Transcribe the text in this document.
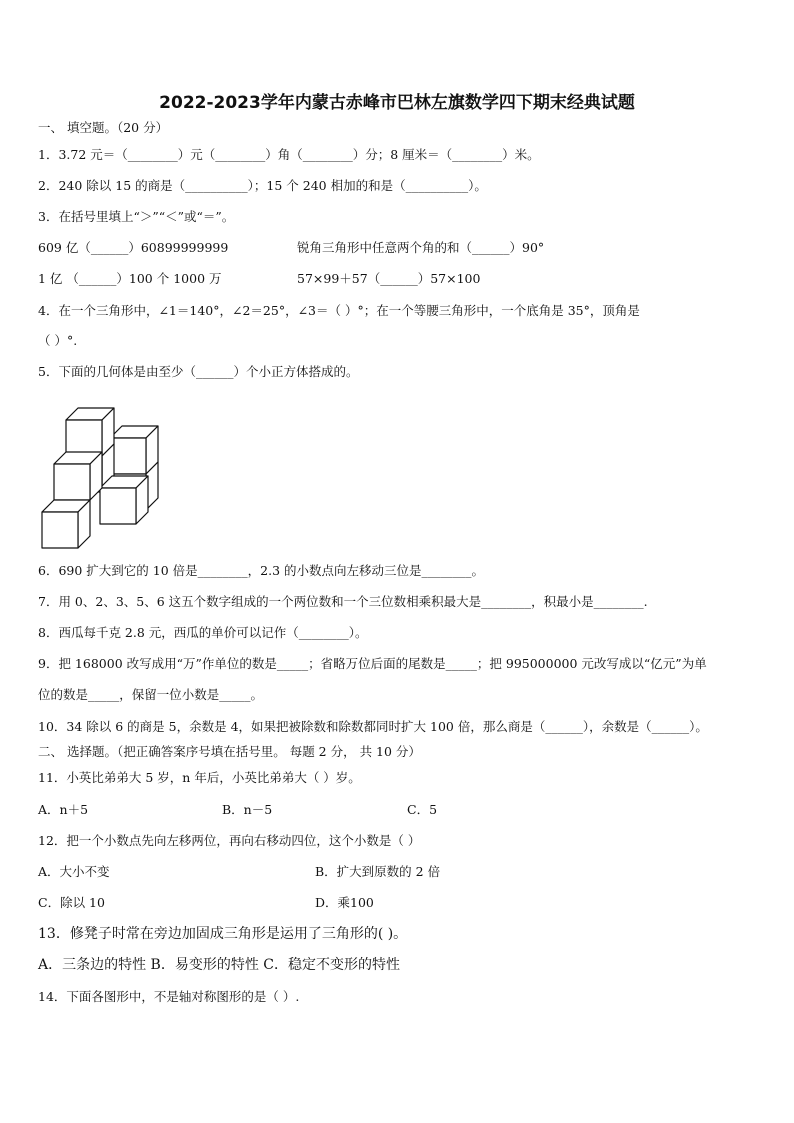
2022-2023学年内蒙古赤峰市巴林左旗数学四下期末经典试题
一、 填空题。（20 分）
1．3.72 元＝（________）元（________）角（________）分；8 厘米＝（________）米。
2．240 除以 15 的商是（__________）；15 个 240 相加的和是（__________）。
3．在括号里填上“＞”“＜”或“＝”。
609 亿（______）60899999999	锐角三角形中任意两个角的和（______）90°
1 亿 （______）100 个 1000 万	57×99＋57（______）57×100
4．在一个三角形中，∠1＝140°，∠2＝25°，∠3＝（ ）°；在一个等腰三角形中，一个底角是 35°，顶角是
（ ）°.
5．下面的几何体是由至少（______）个小正方体搭成的。
6．690 扩大到它的 10 倍是________，2.3 的小数点向左移动三位是________。
7．用 0、2、3、5、6 这五个数字组成的一个两位数和一个三位数相乘积最大是________，积最小是________.
8．西瓜每千克 2.8 元，西瓜的单价可以记作（________）。
9．把 168000 改写成用“万”作单位的数是_____；省略万位后面的尾数是_____；把 995000000 元改写成以“亿元”为单
位的数是_____，保留一位小数是_____。
10．34 除以 6 的商是 5，余数是 4，如果把被除数和除数都同时扩大 100 倍，那么商是（______），余数是（______）。
二、 选择题。（把正确答案序号填在括号里。 每题 2 分， 共 10 分）
11．小英比弟弟大 5 岁，n 年后，小英比弟弟大（ ）岁。
A．n＋5	B．n－5	C．5
12．把一个小数点先向左移两位，再向右移动四位，这个小数是（ ）
A．大小不变	B．扩大到原数的 2 倍
C．除以 10	D．乘100
13．修凳子时常在旁边加固成三角形是运用了三角形的( )。
A．三条边的特性 B．易变形的特性 C．稳定不变形的特性
14．下面各图形中，不是轴对称图形的是（ ）.
